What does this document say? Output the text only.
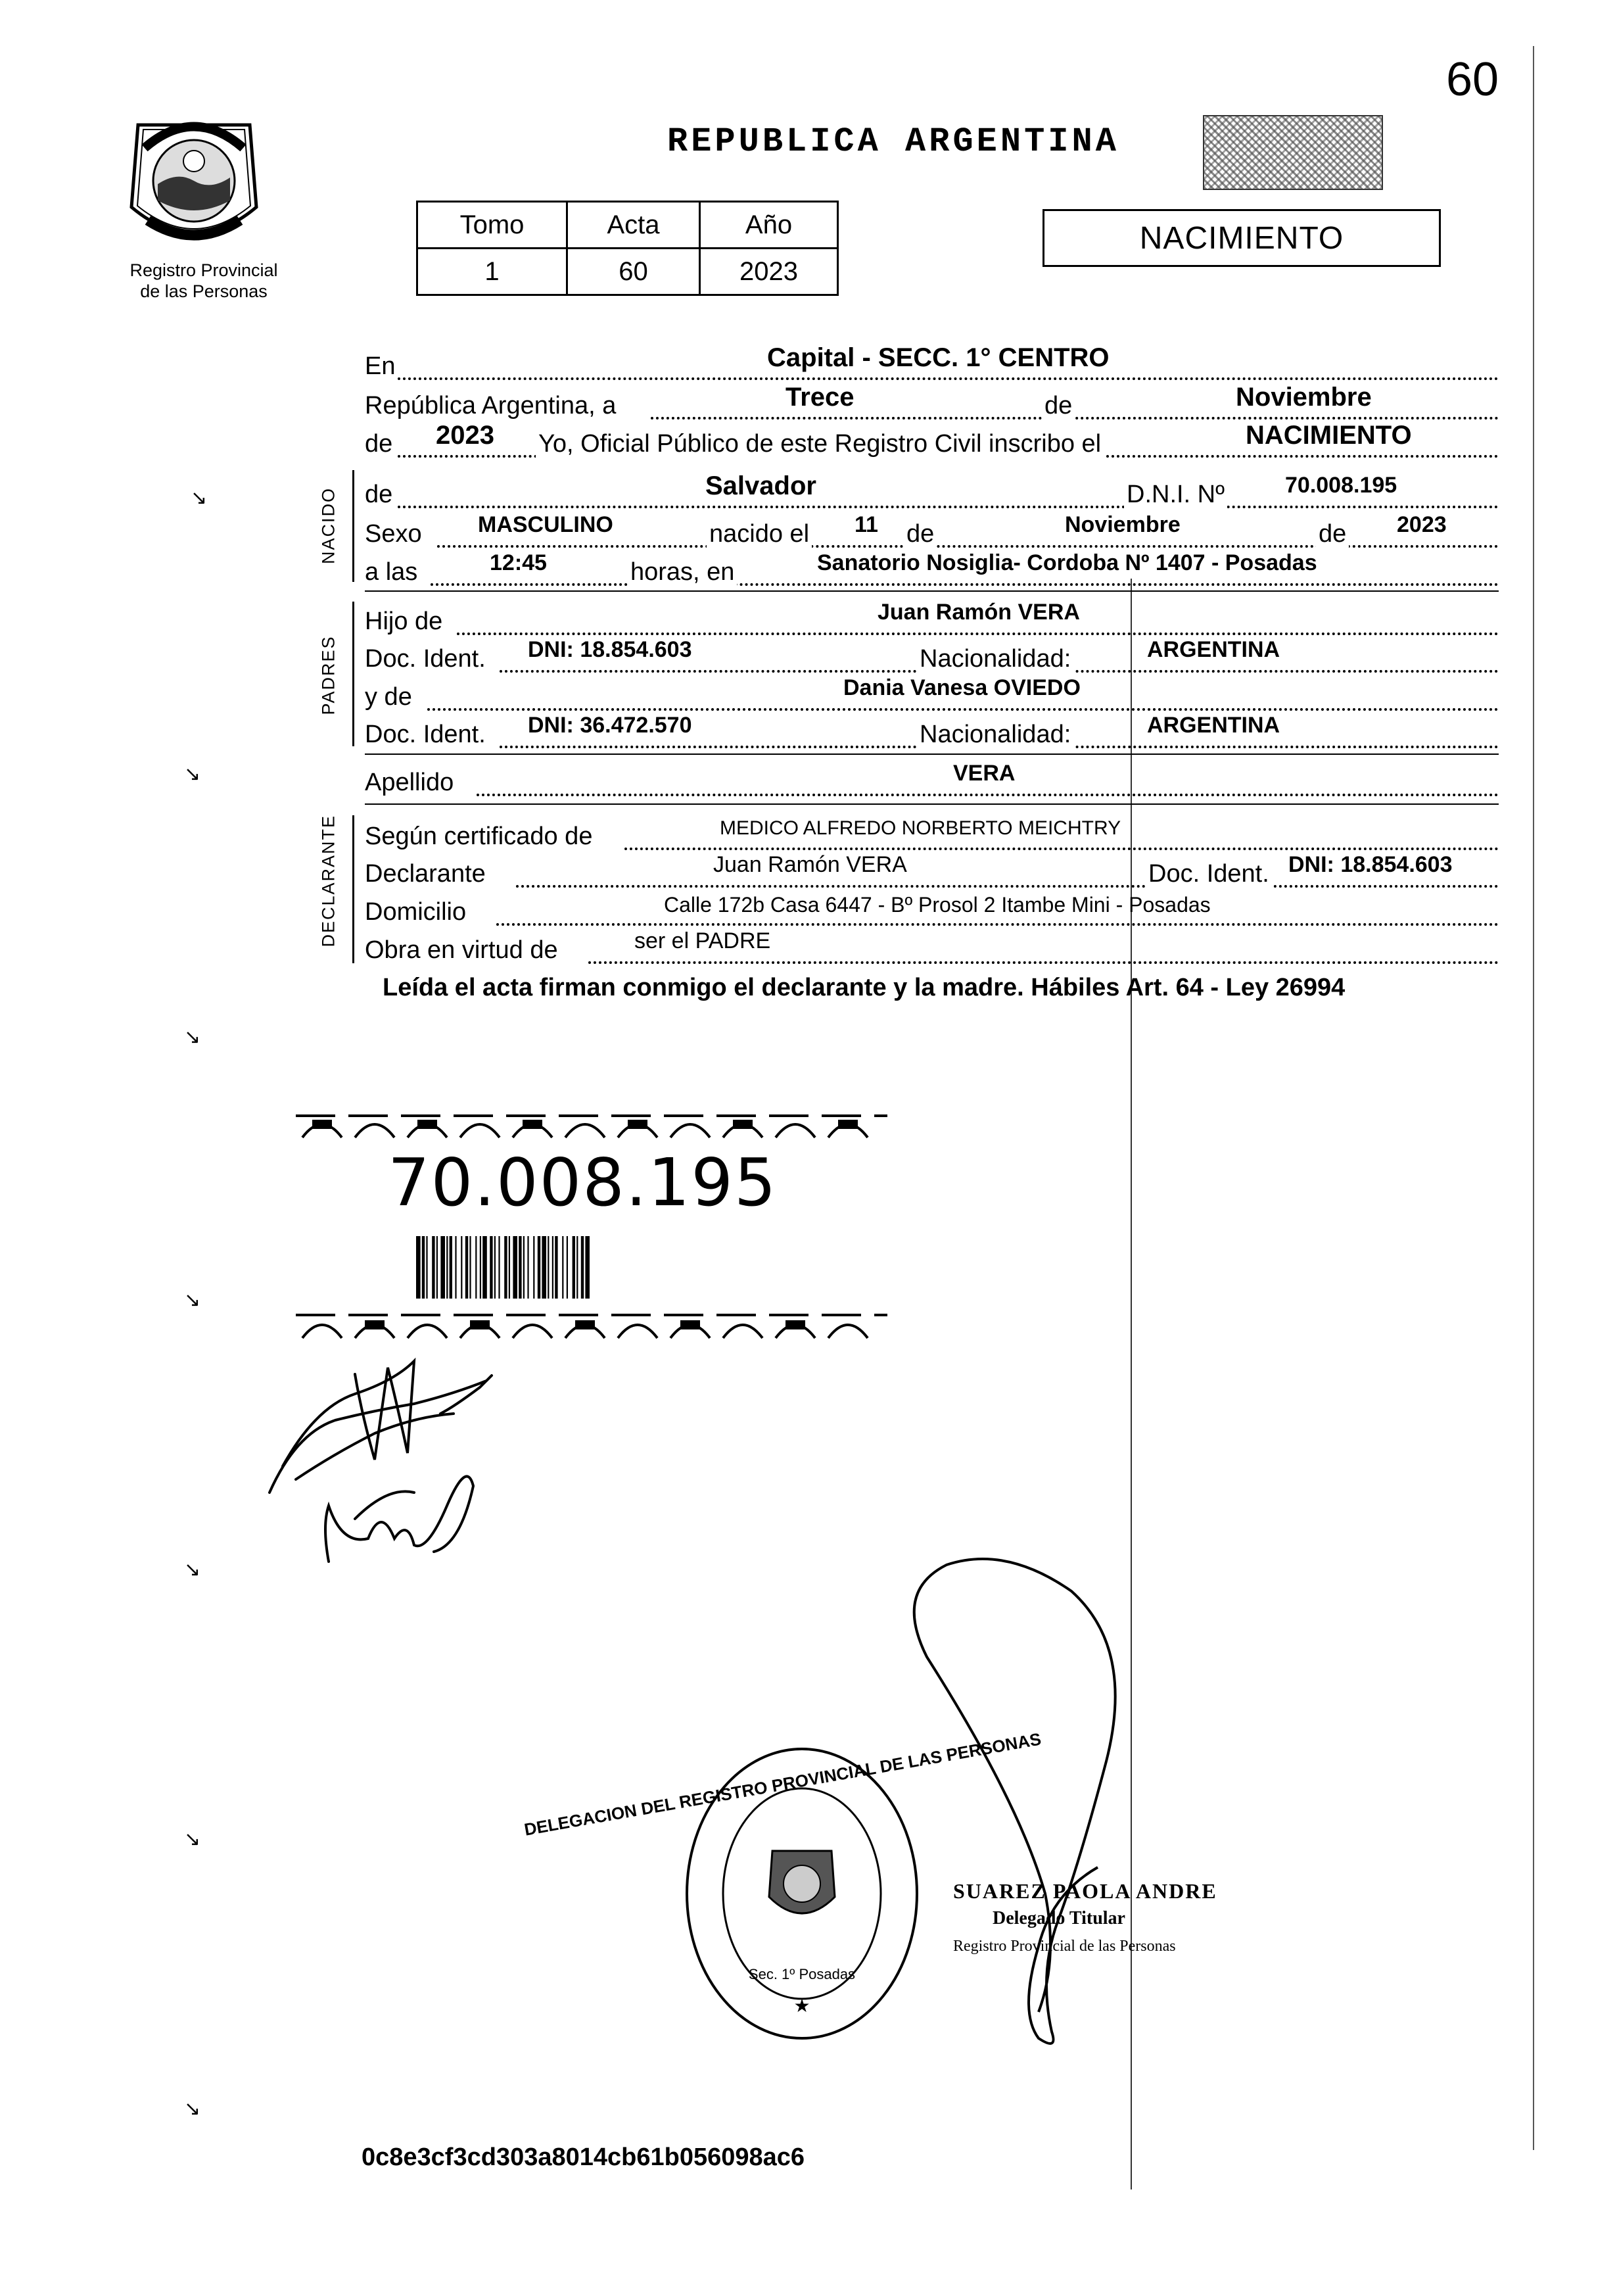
60
Registro Provincial
de las Personas
REPUBLICA ARGENTINA
Tomo	Acta	Año
1	60	2023
NACIMIENTO
En	Capital - SECC. 1° CENTRO
República Argentina, a	Trece	de	Noviembre
de 2023 Yo, Oficial Público de este Registro Civil inscribo el	NACIMIENTO
NACIDO de	Salvador	D.N.I. Nº	70.008.195
Sexo	MASCULINO	nacido el 11 de	Noviembre	de 2023
a las	12:45	horas, en	Sanatorio Nosiglia- Cordoba Nº 1407 - Posadas
PADRES
Hijo de	Juan Ramón VERA
Doc. Ident. DNI: 18.854.603	Nacionalidad:	ARGENTINA
y de	Dania Vanesa OVIEDO
Doc. Ident. DNI: 36.472.570	Nacionalidad:	ARGENTINA
Apellido	VERA
DECLARANTE Según certificado de	MEDICO ALFREDO NORBERTO MEICHTRY
Declarante	Juan Ramón VERA	Doc. Ident. DNI: 18.854.603
Domicilio	Calle 172b Casa 6447 - Bº Prosol 2 Itambe Mini - Posadas
Obra en virtud de	ser el PADRE
Leída el acta firman conmigo el declarante y la madre. Hábiles Art. 64 - Ley 26994
70.008.195
DELEGACION DEL REGISTRO PROVINCIAL DE LAS PERSONAS
Sec. 1º Posadas
★
SUAREZ PAOLA ANDRE
Delegado Titular
Registro Provincial de las Personas
0c8e3cf3cd303a8014cb61b056098ac6
↘
↘
↘
↘
↘
↘
↘
